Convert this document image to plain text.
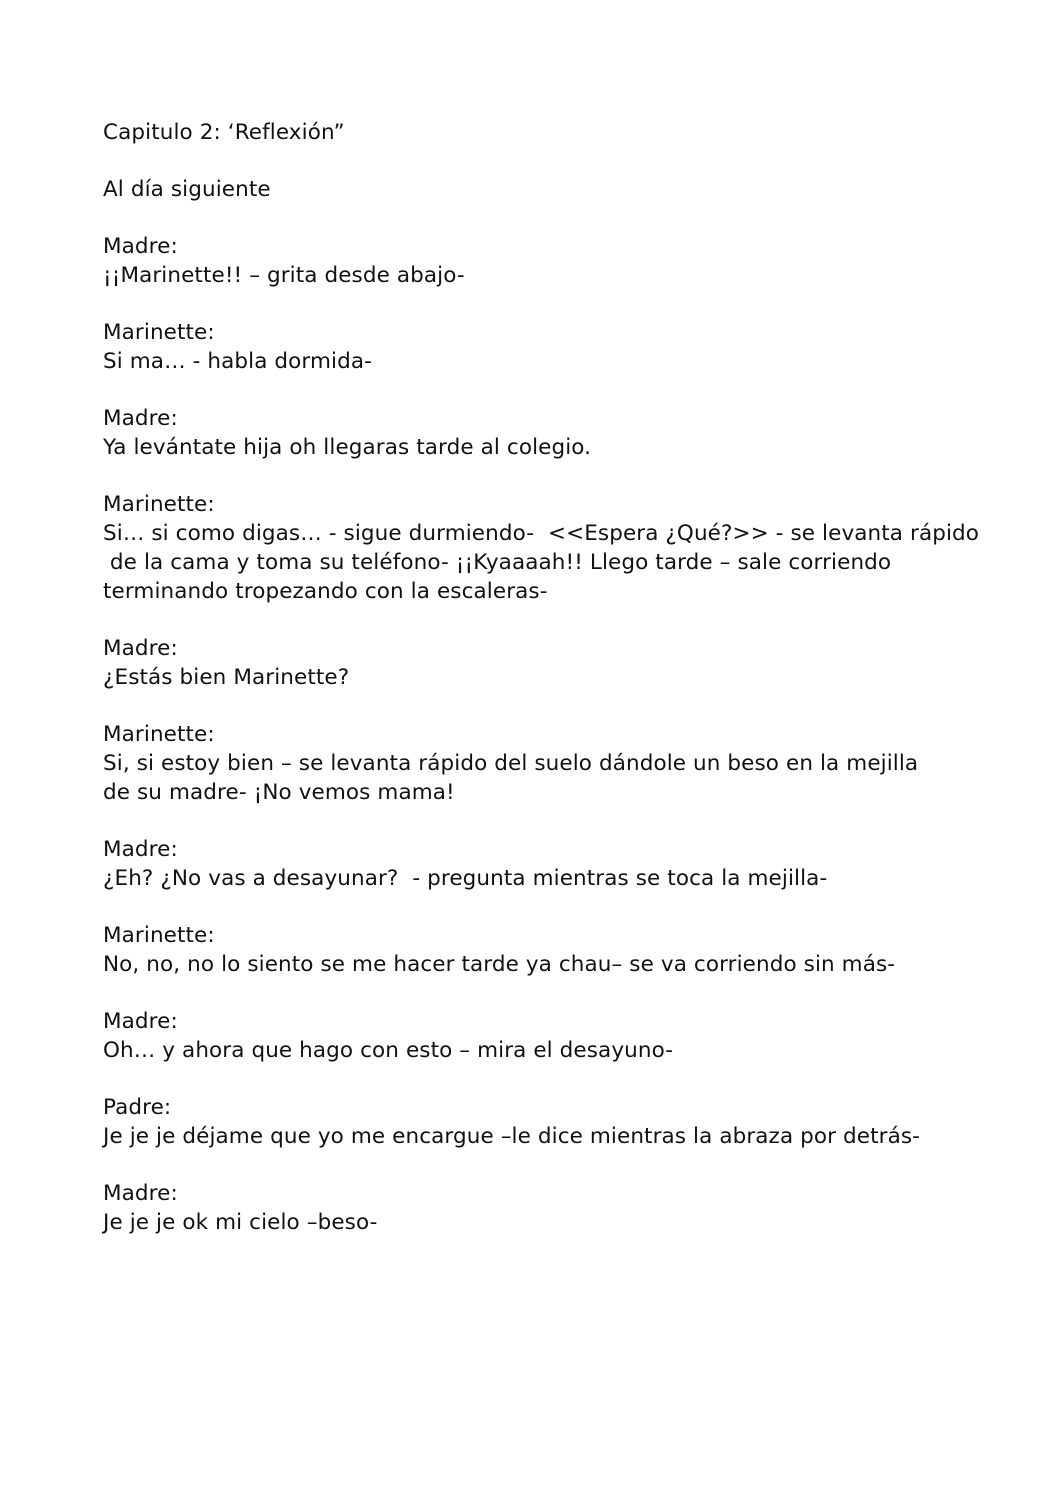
Capitulo 2: ‘Reflexión”
Al día siguiente
Madre:
¡¡Marinette!! – grita desde abajo-
Marinette:
Si ma… - habla dormida-
Madre:
Ya levántate hija oh llegaras tarde al colegio.
Marinette:
Si… si como digas… - sigue durmiendo-  <<Espera ¿Qué?>> - se levanta rápido
de la cama y toma su teléfono- ¡¡Kyaaaah!! Llego tarde – sale corriendo
terminando tropezando con la escaleras-
Madre:
¿Estás bien Marinette?
Marinette:
Si, si estoy bien – se levanta rápido del suelo dándole un beso en la mejilla
de su madre- ¡No vemos mama!
Madre:
¿Eh? ¿No vas a desayunar?  - pregunta mientras se toca la mejilla-
Marinette:
No, no, no lo siento se me hacer tarde ya chau– se va corriendo sin más-
Madre:
Oh… y ahora que hago con esto – mira el desayuno-
Padre:
Je je je déjame que yo me encargue –le dice mientras la abraza por detrás-
Madre:
Je je je ok mi cielo –beso-
